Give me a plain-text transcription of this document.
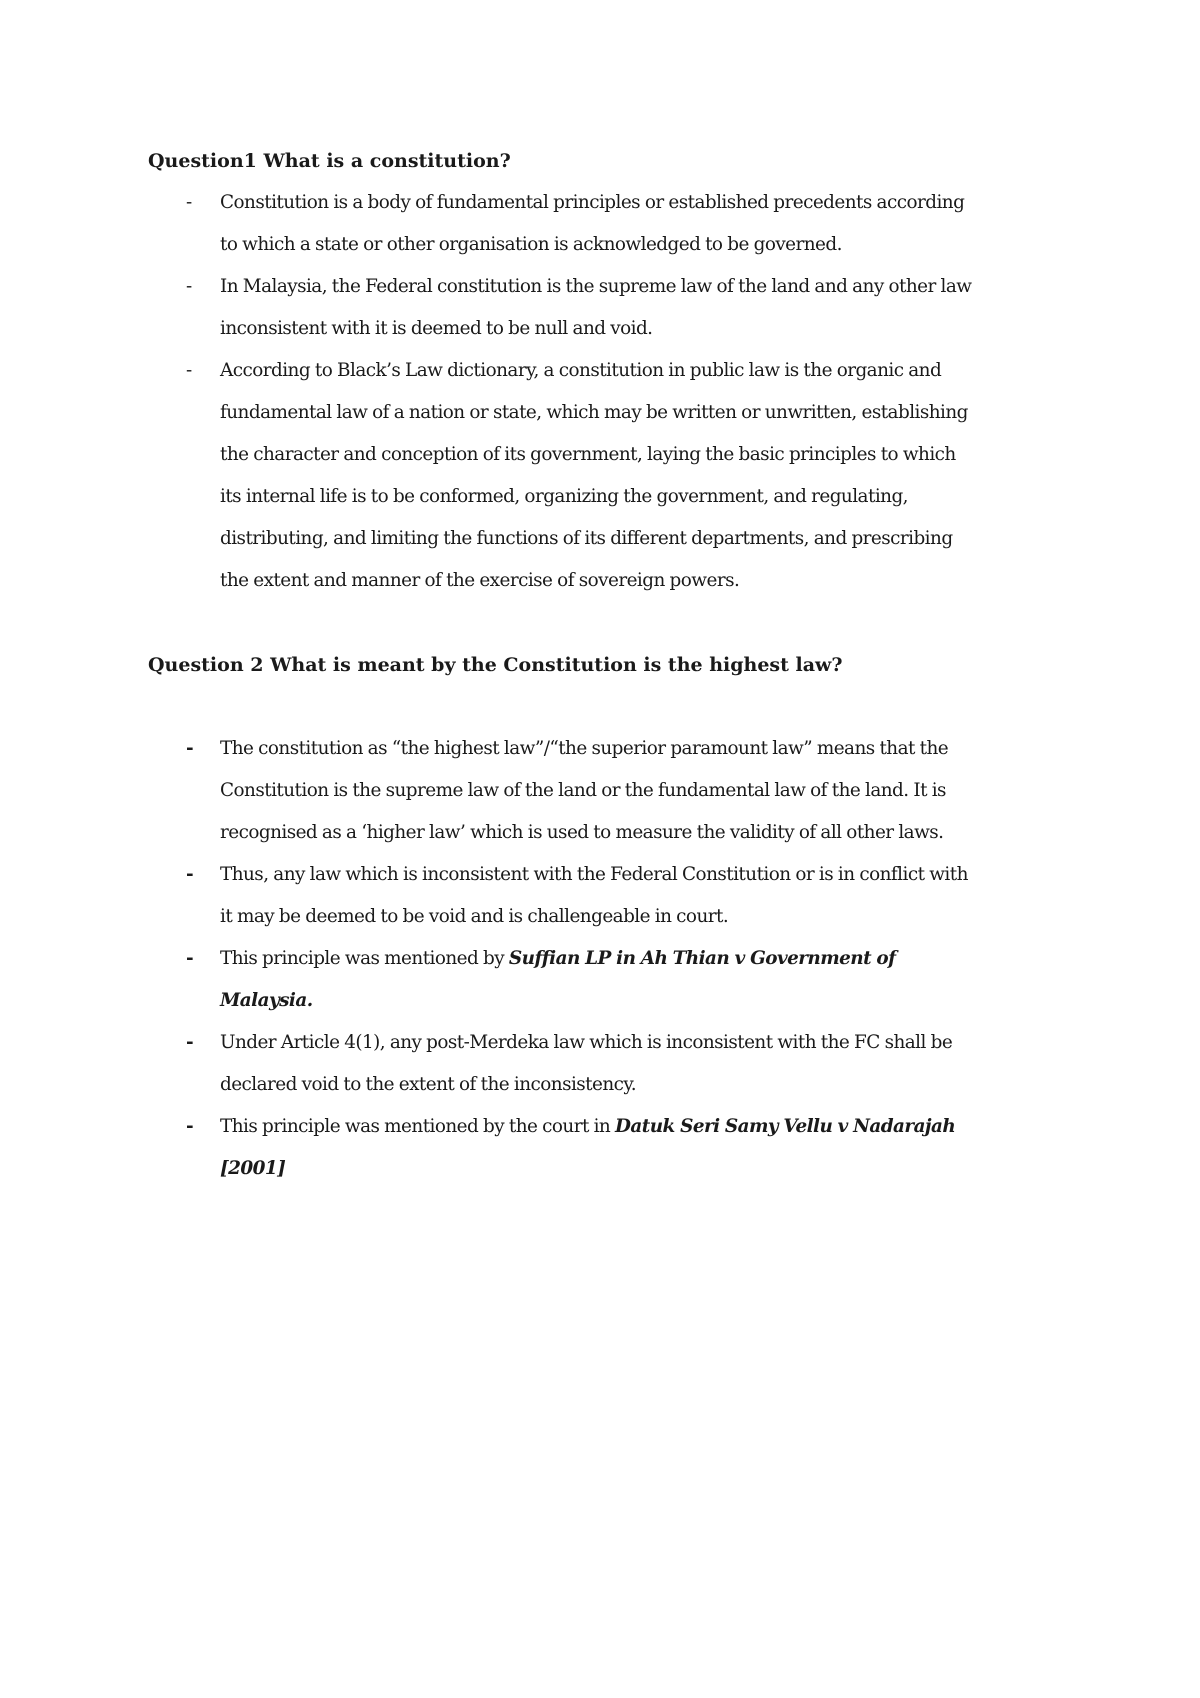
Question1 What is a constitution?
- Constitution is a body of fundamental principles or established precedents according
to which a state or other organisation is acknowledged to be governed.
- In Malaysia, the Federal constitution is the supreme law of the land and any other law
inconsistent with it is deemed to be null and void.
- According to Black’s Law dictionary, a constitution in public law is the organic and
fundamental law of a nation or state, which may be written or unwritten, establishing
the character and conception of its government, laying the basic principles to which
its internal life is to be conformed, organizing the government, and regulating,
distributing, and limiting the functions of its different departments, and prescribing
the extent and manner of the exercise of sovereign powers.
Question 2 What is meant by the Constitution is the highest law?
- The constitution as “the highest law”/“the superior paramount law” means that the
Constitution is the supreme law of the land or the fundamental law of the land. It is
recognised as a ‘higher law’ which is used to measure the validity of all other laws.
- Thus, any law which is inconsistent with the Federal Constitution or is in conflict with
it may be deemed to be void and is challengeable in court.
- This principle was mentioned by Suffian LP in Ah Thian v Government of
Malaysia.
- Under Article 4(1), any post-Merdeka law which is inconsistent with the FC shall be
declared void to the extent of the inconsistency.
- This principle was mentioned by the court in Datuk Seri Samy Vellu v Nadarajah
[2001]
